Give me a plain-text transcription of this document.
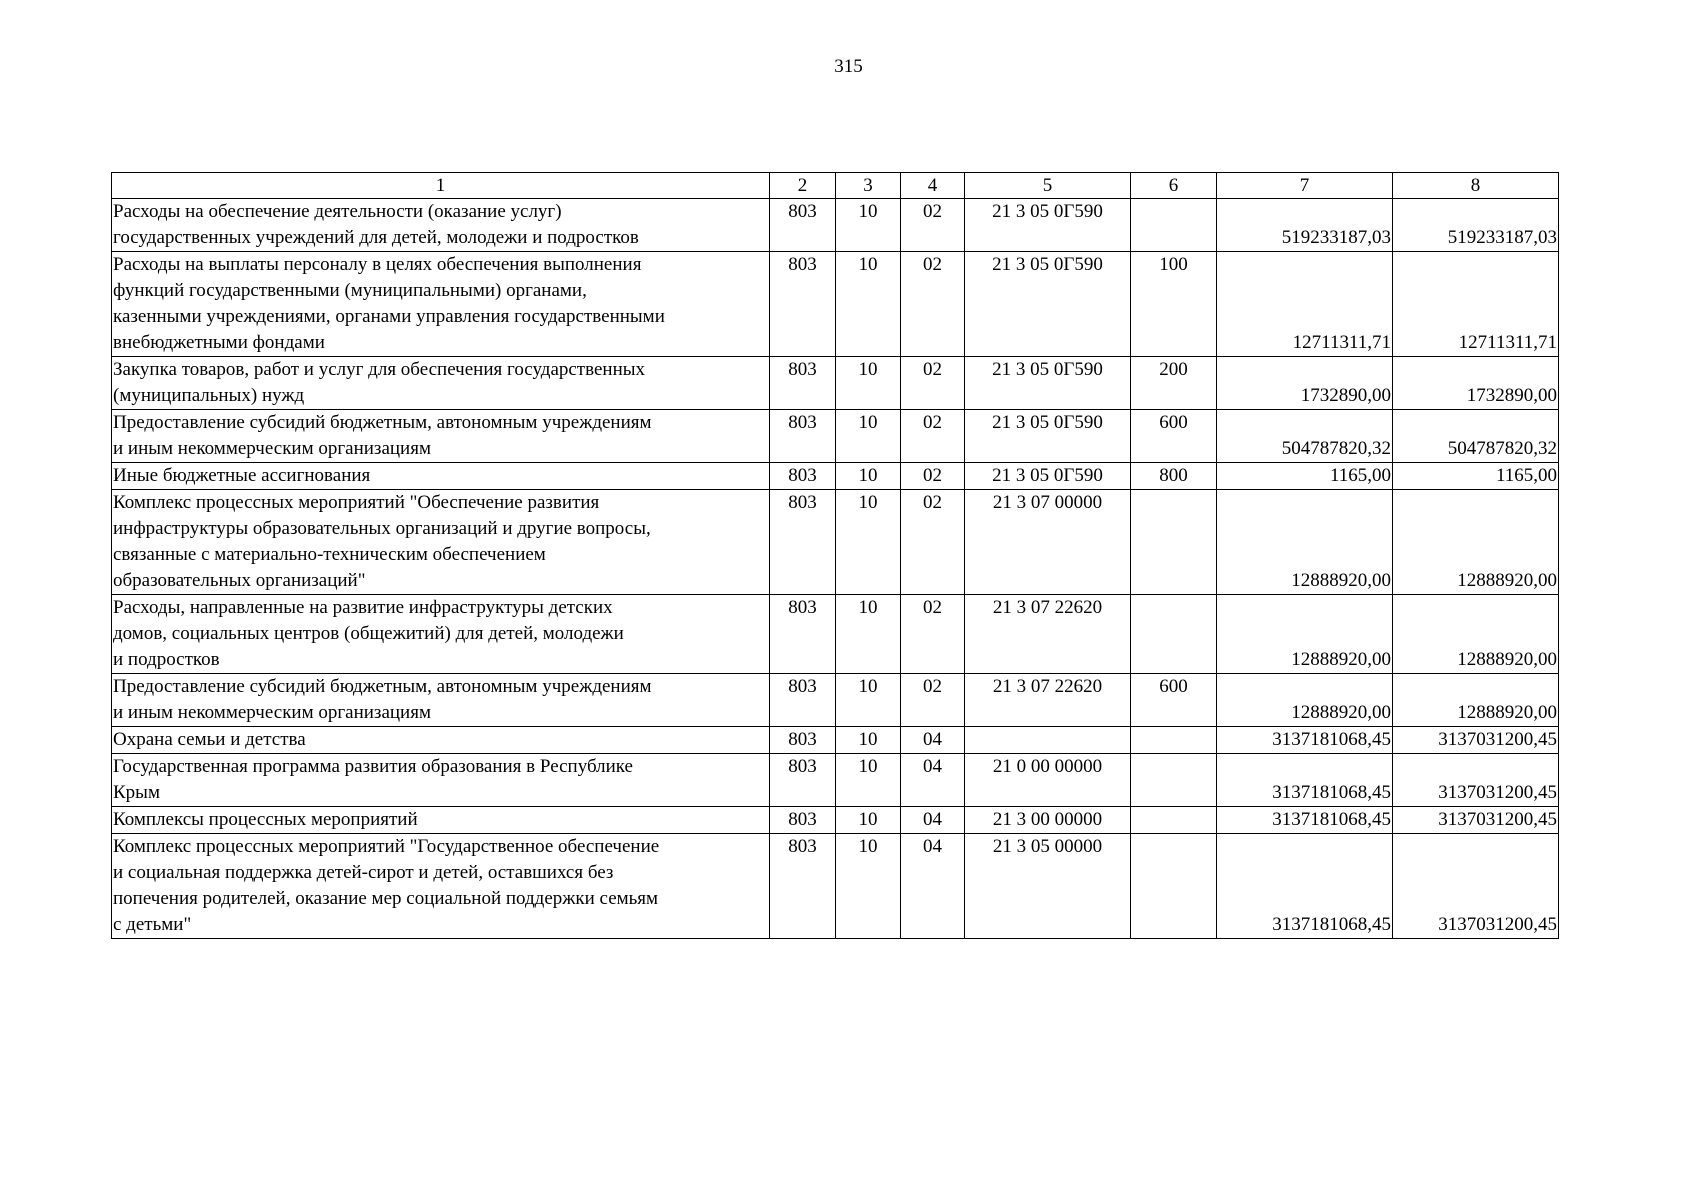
315
1	2	3	4	5	6	7	8
Расходы на обеспечение деятельности (оказание услуг)
государственных учреждений для детей, молодежи и подростков	803	10	02	21 3 05 0Г590		519233187,03	519233187,03
Расходы на выплаты персоналу в целях обеспечения выполнения
функций государственными (муниципальными) органами,
казенными учреждениями, органами управления государственными
внебюджетными фондами	803	10	02	21 3 05 0Г590	100	12711311,71	12711311,71
Закупка товаров, работ и услуг для обеспечения государственных
(муниципальных) нужд	803	10	02	21 3 05 0Г590	200	1732890,00	1732890,00
Предоставление субсидий бюджетным, автономным учреждениям
и иным некоммерческим организациям	803	10	02	21 3 05 0Г590	600	504787820,32	504787820,32
Иные бюджетные ассигнования	803	10	02	21 3 05 0Г590	800	1165,00	1165,00
Комплекс процессных мероприятий "Обеспечение развития
инфраструктуры образовательных организаций и другие вопросы,
связанные с материально-техническим обеспечением
образовательных организаций"	803	10	02	21 3 07 00000		12888920,00	12888920,00
Расходы, направленные на развитие инфраструктуры детских
домов, социальных центров (общежитий) для детей, молодежи
и подростков	803	10	02	21 3 07 22620		12888920,00	12888920,00
Предоставление субсидий бюджетным, автономным учреждениям
и иным некоммерческим организациям	803	10	02	21 3 07 22620	600	12888920,00	12888920,00
Охрана семьи и детства	803	10	04			3137181068,45	3137031200,45
Государственная программа развития образования в Республике
Крым	803	10	04	21 0 00 00000		3137181068,45	3137031200,45
Комплексы процессных мероприятий	803	10	04	21 3 00 00000		3137181068,45	3137031200,45
Комплекс процессных мероприятий "Государственное обеспечение
и социальная поддержка детей-сирот и детей, оставшихся без
попечения родителей, оказание мер социальной поддержки семьям
с детьми"	803	10	04	21 3 05 00000		3137181068,45	3137031200,45
